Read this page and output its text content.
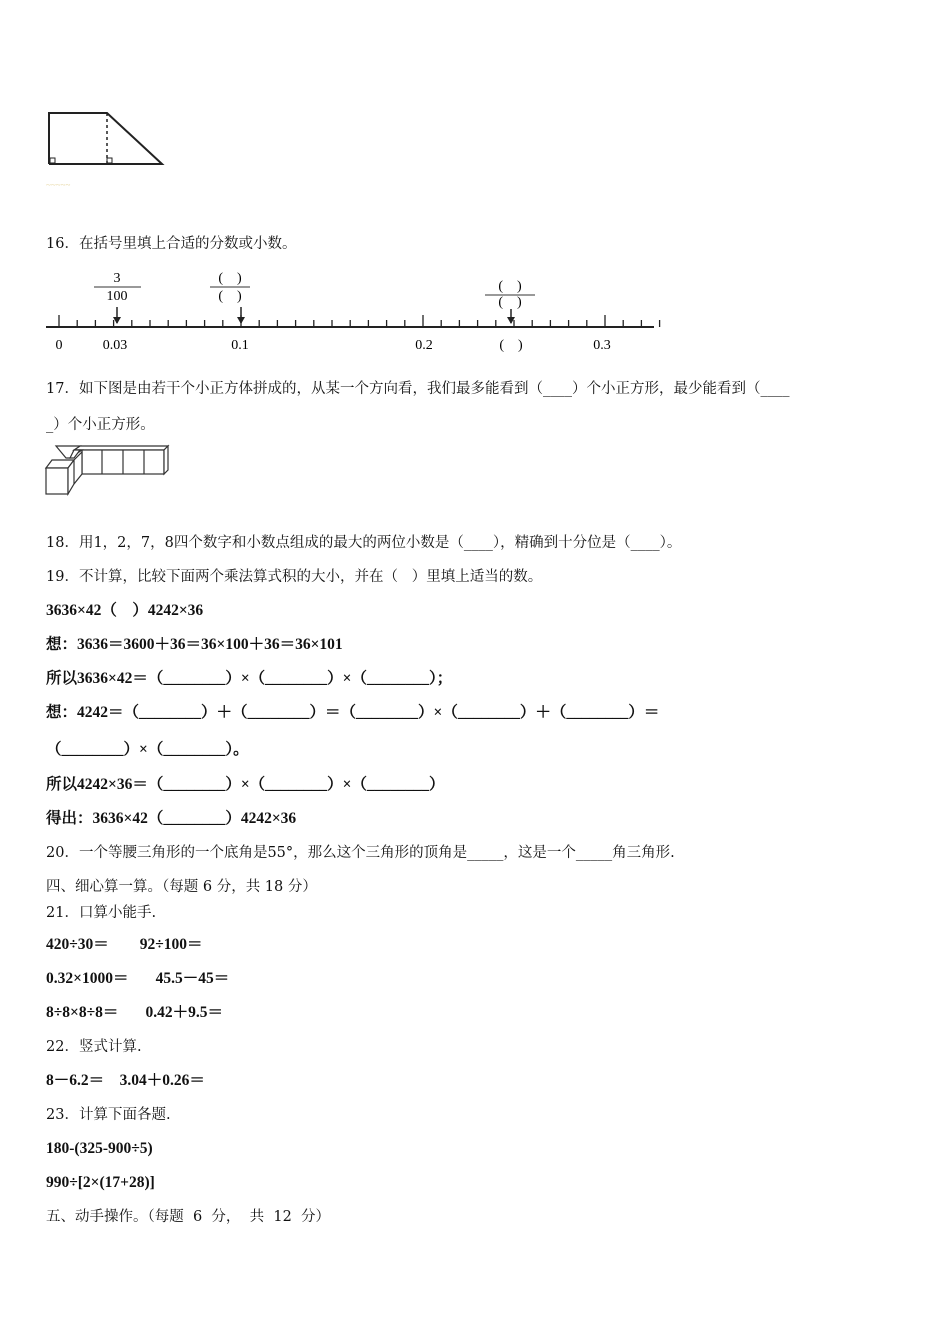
~~~~~
16．在括号里填上合适的分数或小数。
3
100
(    )
(    )
(    )
(    )
0	0.03	0.1	0.2	(    )	0.3
17．如下图是由若干个小正方体拼成的，从某一个方向看，我们最多能看到（____）个小正方形，最少能看到（____
_）个小正方形。
18．用1，2，7，8四个数字和小数点组成的最大的两位小数是（____），精确到十分位是（____）。
19．不计算，比较下面两个乘法算式积的大小，并在（   ）里填上适当的数。
3636×42（    ）4242×36
想：3636＝3600＋36＝36×100＋36＝36×101
所以3636×42＝（________）×（________）×（________）；
想：4242＝（________）＋（________）＝（________）×（________）＋（________）＝
（________）×（________）。
所以4242×36＝（________）×（________）×（________）
得出：3636×42（________）4242×36
20．一个等腰三角形的一个底角是55°，那么这个三角形的顶角是_____，这是一个_____角三角形.
四、细心算一算。（每题 6 分，共 18 分）
21．口算小能手.
420÷30＝        92÷100＝
0.32×1000＝       45.5－45＝
8÷8×8÷8＝       0.42＋9.5＝
22．竖式计算.
8－6.2＝    3.04＋0.26＝
23．计算下面各题.
180-(325-900÷5)
990÷[2×(17+28)]
五、动手操作。（每题  6  分，  共  12  分）
